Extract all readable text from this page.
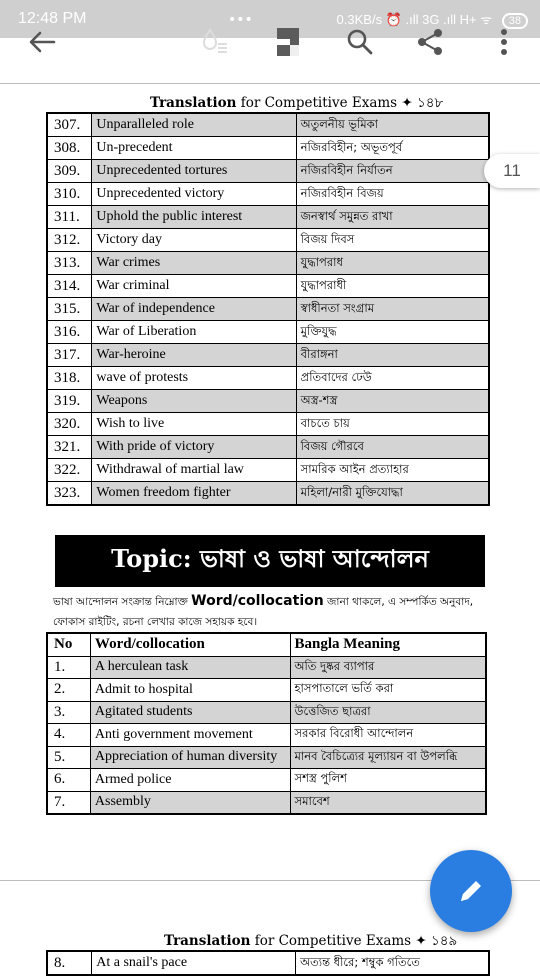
12:48 PM	•••	0.3KB/s ⏰ .ıll 3G .ıll H+ ᯤ 38
Translation for Competitive Exams ✦ ১৪৮
307.	Unparalleled role	অতুলনীয় ভূমিকা
308.	Un-precedent	নজিরবিহীন; অভূতপূর্ব
309.	Unprecedented tortures	নজিরবিহীন নির্যাতন
310.	Unprecedented victory	নজিরবিহীন বিজয়
311.	Uphold the public interest	জনস্বার্থ সমুন্নত রাখা
312.	Victory day	বিজয় দিবস
313.	War crimes	যুদ্ধাপরাধ
314.	War criminal	যুদ্ধাপরাধী
315.	War of independence	স্বাধীনতা সংগ্রাম
316.	War of Liberation	মুক্তিযুদ্ধ
317.	War-heroine	বীরাঙ্গনা
318.	wave of protests	প্রতিবাদের ঢেউ
319.	Weapons	অস্ত্র-শস্ত্র
320.	Wish to live	বাচতে চায়
321.	With pride of victory	বিজয় গৌরবে
322.	Withdrawal of martial law	সামরিক আইন প্রত্যাহার
323.	Women freedom fighter	মহিলা/নারী মুক্তিযোদ্ধা
Topic: ভাষা ও ভাষা আন্দোলন
ভাষা আন্দোলন সংক্রান্ত নিম্নোক্ত Word/collocation জানা থাকলে, এ সম্পর্কিত অনুবাদ, ফোকাস রাইটিং, রচনা লেখার কাজে সহায়ক হবে।
No	Word/collocation	Bangla Meaning
1.	A herculean task	অতি দুষ্কর ব্যাপার
2.	Admit to hospital	হাসপাতালে ভর্তি করা
3.	Agitated students	উত্তেজিত ছাত্ররা
4.	Anti government movement	সরকার বিরোধী আন্দোলন
5.	Appreciation of human diversity	মানব বৈচিত্র্যের মূল্যায়ন বা উপলব্ধি
6.	Armed police	সশস্ত্র পুলিশ
7.	Assembly	সমাবেশ
11
Translation for Competitive Exams ✦ ১৪৯
8.	At a snail's pace	অত্যন্ত ধীরে; শম্বুক গতিতে
